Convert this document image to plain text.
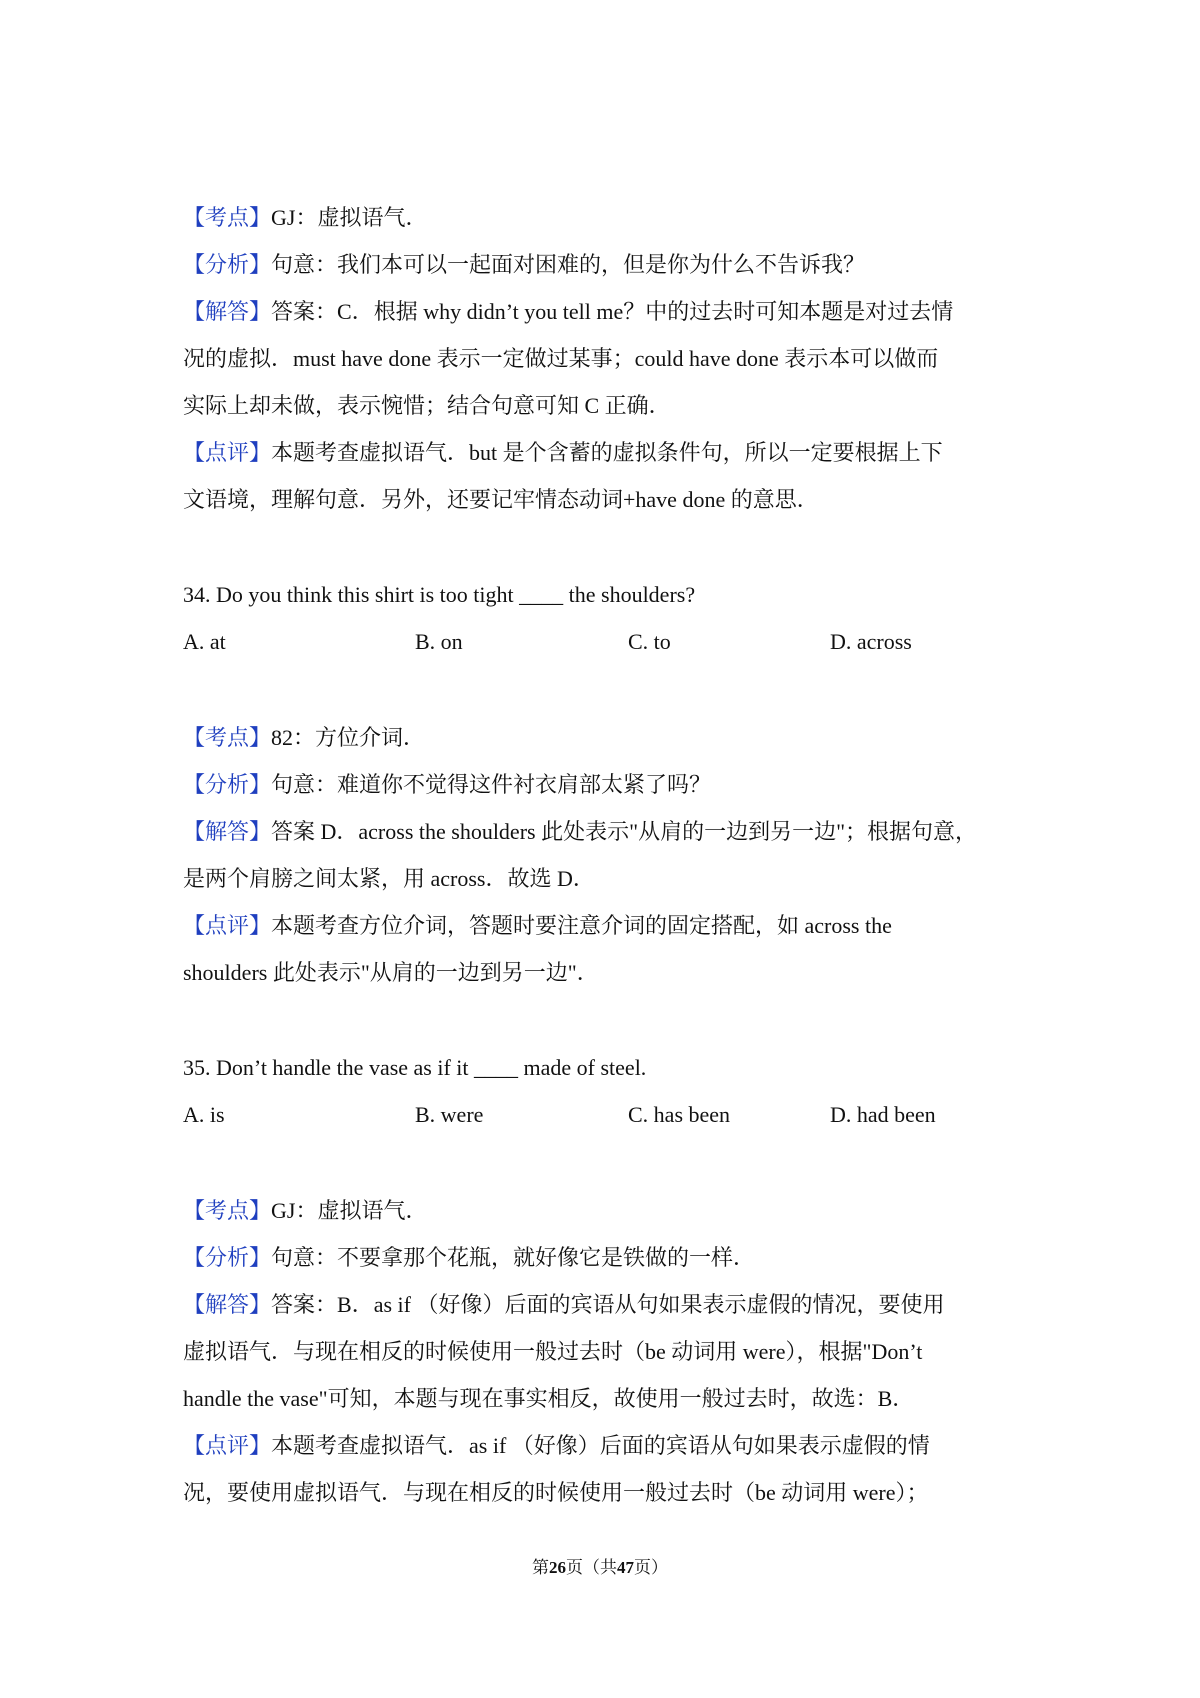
【考点】GJ：虚拟语气．
【分析】句意：我们本可以一起面对困难的，但是你为什么不告诉我？
【解答】答案：C．根据 why didn’t you tell me？中的过去时可知本题是对过去情
况的虚拟．must have done 表示一定做过某事；could have done 表示本可以做而
实际上却未做，表示惋惜；结合句意可知 C 正确．
【点评】本题考查虚拟语气．but 是个含蓄的虚拟条件句，所以一定要根据上下
文语境，理解句意．另外，还要记牢情态动词+have done 的意思．
34. Do you think this shirt is too tight ____ the shoulders?
A. at	B. on	C. to	D. across
【考点】82：方位介词．
【分析】句意：难道你不觉得这件衬衣肩部太紧了吗？
【解答】答案 D．across the shoulders 此处表示"从肩的一边到另一边"；根据句意，
是两个肩膀之间太紧，用 across．故选 D．
【点评】本题考查方位介词，答题时要注意介词的固定搭配，如 across the
shoulders 此处表示"从肩的一边到另一边"．
35. Don’t handle the vase as if it ____ made of steel.
A. is	B. were	C. has been	D. had been
【考点】GJ：虚拟语气．
【分析】句意：不要拿那个花瓶，就好像它是铁做的一样．
【解答】答案：B．as if （好像）后面的宾语从句如果表示虚假的情况，要使用
虚拟语气．与现在相反的时候使用一般过去时（be 动词用 were），根据"Don’t
handle the vase"可知，本题与现在事实相反，故使用一般过去时，故选：B．
【点评】本题考查虚拟语气．as if （好像）后面的宾语从句如果表示虚假的情
况，要使用虚拟语气．与现在相反的时候使用一般过去时（be 动词用 were）；
第26页（共47页）
